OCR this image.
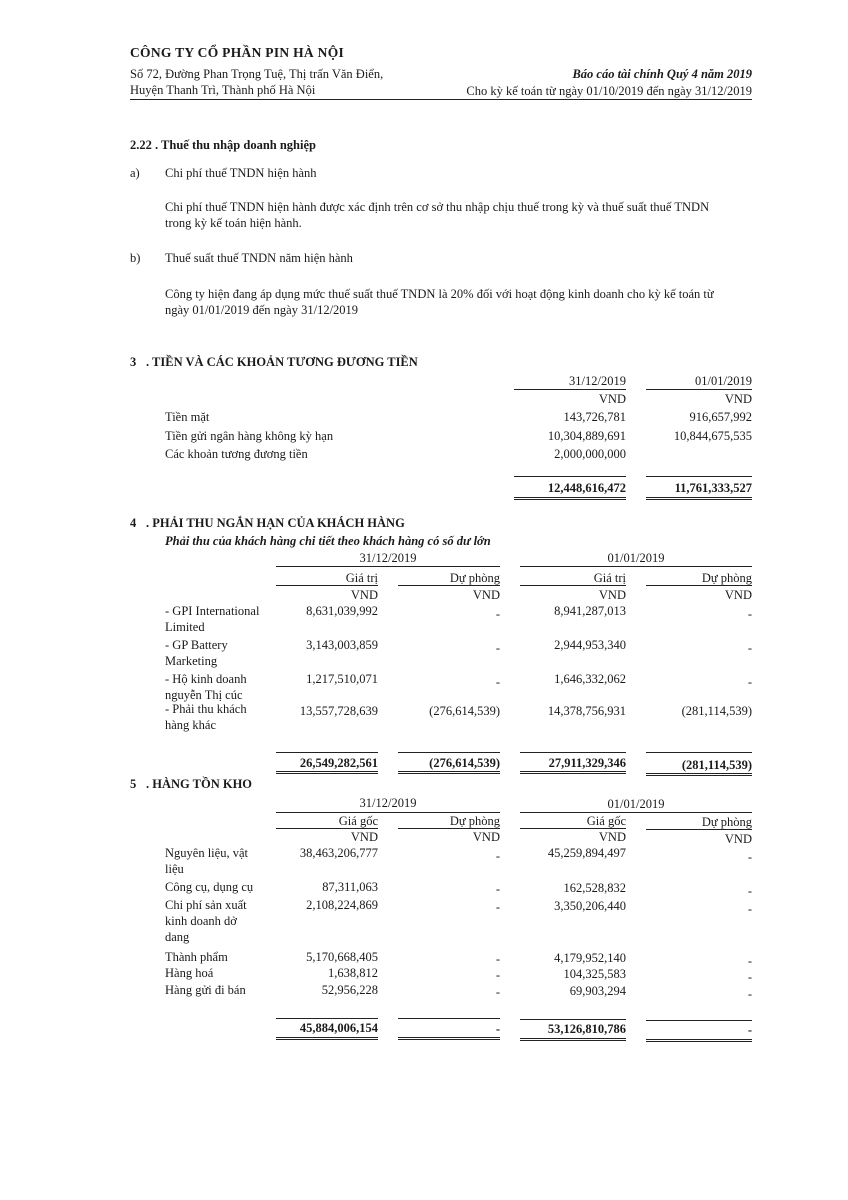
CÔNG TY CỔ PHẦN PIN HÀ NỘI
Số 72, Đường Phan Trọng Tuệ, Thị trấn Văn Điển,
Huyện Thanh Trì, Thành phố Hà Nội
Báo cáo tài chính Quý 4 năm 2019
Cho kỳ kế toán từ ngày 01/10/2019 đến ngày 31/12/2019
2.22 . Thuế thu nhập doanh nghiệp
a) Chi phí thuế TNDN hiện hành
Chi phí thuế TNDN hiện hành được xác định trên cơ sở thu nhập chịu thuế trong kỳ và thuế suất thuế TNDN
trong kỳ kế toán hiện hành.
b) Thuế suất thuế TNDN năm hiện hành
Công ty hiện đang áp dụng mức thuế suất thuế TNDN là 20% đối với hoạt động kinh doanh cho kỳ kế toán từ
ngày 01/01/2019 đến ngày 31/12/2019
3 . TIỀN VÀ CÁC KHOẢN TƯƠNG ĐƯƠNG TIỀN
31/12/2019	01/01/2019
VND	VND
Tiền mặt	143,726,781	916,657,992
Tiền gửi ngân hàng không kỳ hạn	10,304,889,691	10,844,675,535
Các khoản tương đương tiền	2,000,000,000
12,448,616,472	11,761,333,527
4 . PHẢI THU NGẮN HẠN CỦA KHÁCH HÀNG
Phải thu của khách hàng chi tiết theo khách hàng có số dư lớn
31/12/2019	01/01/2019
Giá trị	Dự phòng	Giá trị	Dự phòng
VND	VND	VND	VND
- GPI International
Limited
8,631,039,992	-	8,941,287,013	-
- GP Battery
Marketing
3,143,003,859	-	2,944,953,340	-
- Hộ kinh doanh
nguyễn Thị cúc
1,217,510,071	-	1,646,332,062	-
- Phải thu khách
hàng khác
13,557,728,639	(276,614,539)	14,378,756,931	(281,114,539)
26,549,282,561	(276,614,539)	27,911,329,346	(281,114,539)
5 . HÀNG TỒN KHO
31/12/2019	01/01/2019
Giá gốc	Dự phòng	Giá gốc	Dự phòng
VND	VND	VND	VND
Nguyên liệu, vật
liệu
38,463,206,777	-	45,259,894,497	-
Công cụ, dụng cụ	87,311,063	-	162,528,832	-
Chi phí sản xuất
kinh doanh dở
dang
2,108,224,869	-	3,350,206,440	-
Thành phẩm	5,170,668,405	-	4,179,952,140	-
Hàng hoá	1,638,812	-	104,325,583	-
Hàng gửi đi bán	52,956,228	-	69,903,294	-
45,884,006,154	-	53,126,810,786	-
